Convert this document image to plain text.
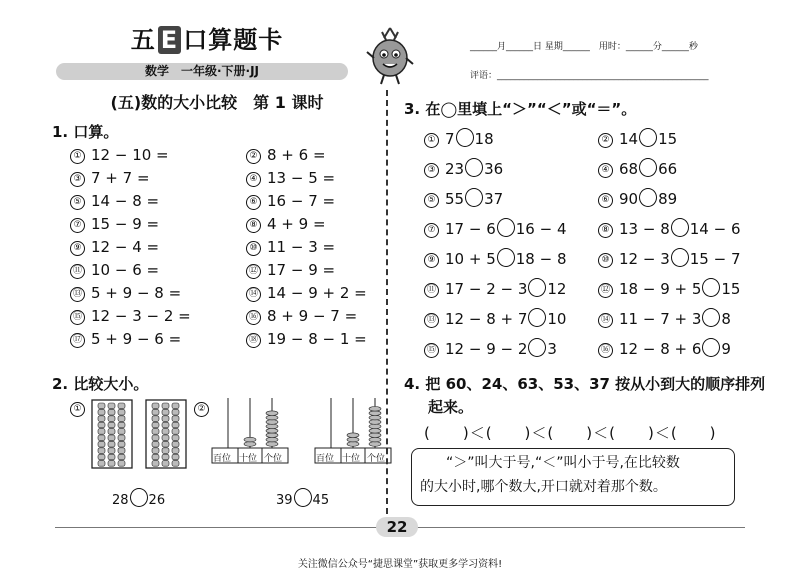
五 E 口算题卡
数学　一年级·下册·JJ
______月______日 星期______　用时：______分______秒
评语：_______________________________________________
(五)数的大小比较　第 1 课时
1. 口算。
① 12 − 10 =	② 8 + 6 =
③ 7 + 7 =	④ 13 − 5 =
⑤ 14 − 8 =	⑥ 16 − 7 =
⑦ 15 − 9 =	⑧ 4 + 9 =
⑨ 12 − 4 =	⑩ 11 − 3 =
⑪ 10 − 6 =	⑫ 17 − 9 =
⑬ 5 + 9 − 8 =	⑭ 14 − 9 + 2 =
⑮ 12 − 3 − 2 =	⑯ 8 + 9 − 7 =
⑰ 5 + 9 − 6 =	⑱ 19 − 8 − 1 =
2. 比较大小。
①	②
百位 十位 个位	百位 十位 个位
28 26	39 45
3. 在◯里填上“＞”“＜”或“＝”。
① 7 18	② 14 15
③ 23 36	④ 68 66
⑤ 55 37	⑥ 90 89
⑦ 17 − 6 16 − 4	⑧ 13 − 8 14 − 6
⑨ 10 + 5 18 − 8	⑩ 12 − 3 15 − 7
⑪ 17 − 2 − 3 12	⑫ 18 − 9 + 5 15
⑬ 12 − 8 + 7 10	⑭ 11 − 7 + 3 8
⑮ 12 − 9 − 2 3	⑯ 12 − 8 + 6 9
4. 把 60、24、63、53、37 按从小到大的顺序排列
起来。
(　　)＜(　　)＜(　　)＜(　　)＜(　　)
“＞”叫大于号,“＜”叫小于号,在比较数
的大小时,哪个数大,开口就对着那个数。
22
关注微信公众号“捷思课堂”获取更多学习资料!
